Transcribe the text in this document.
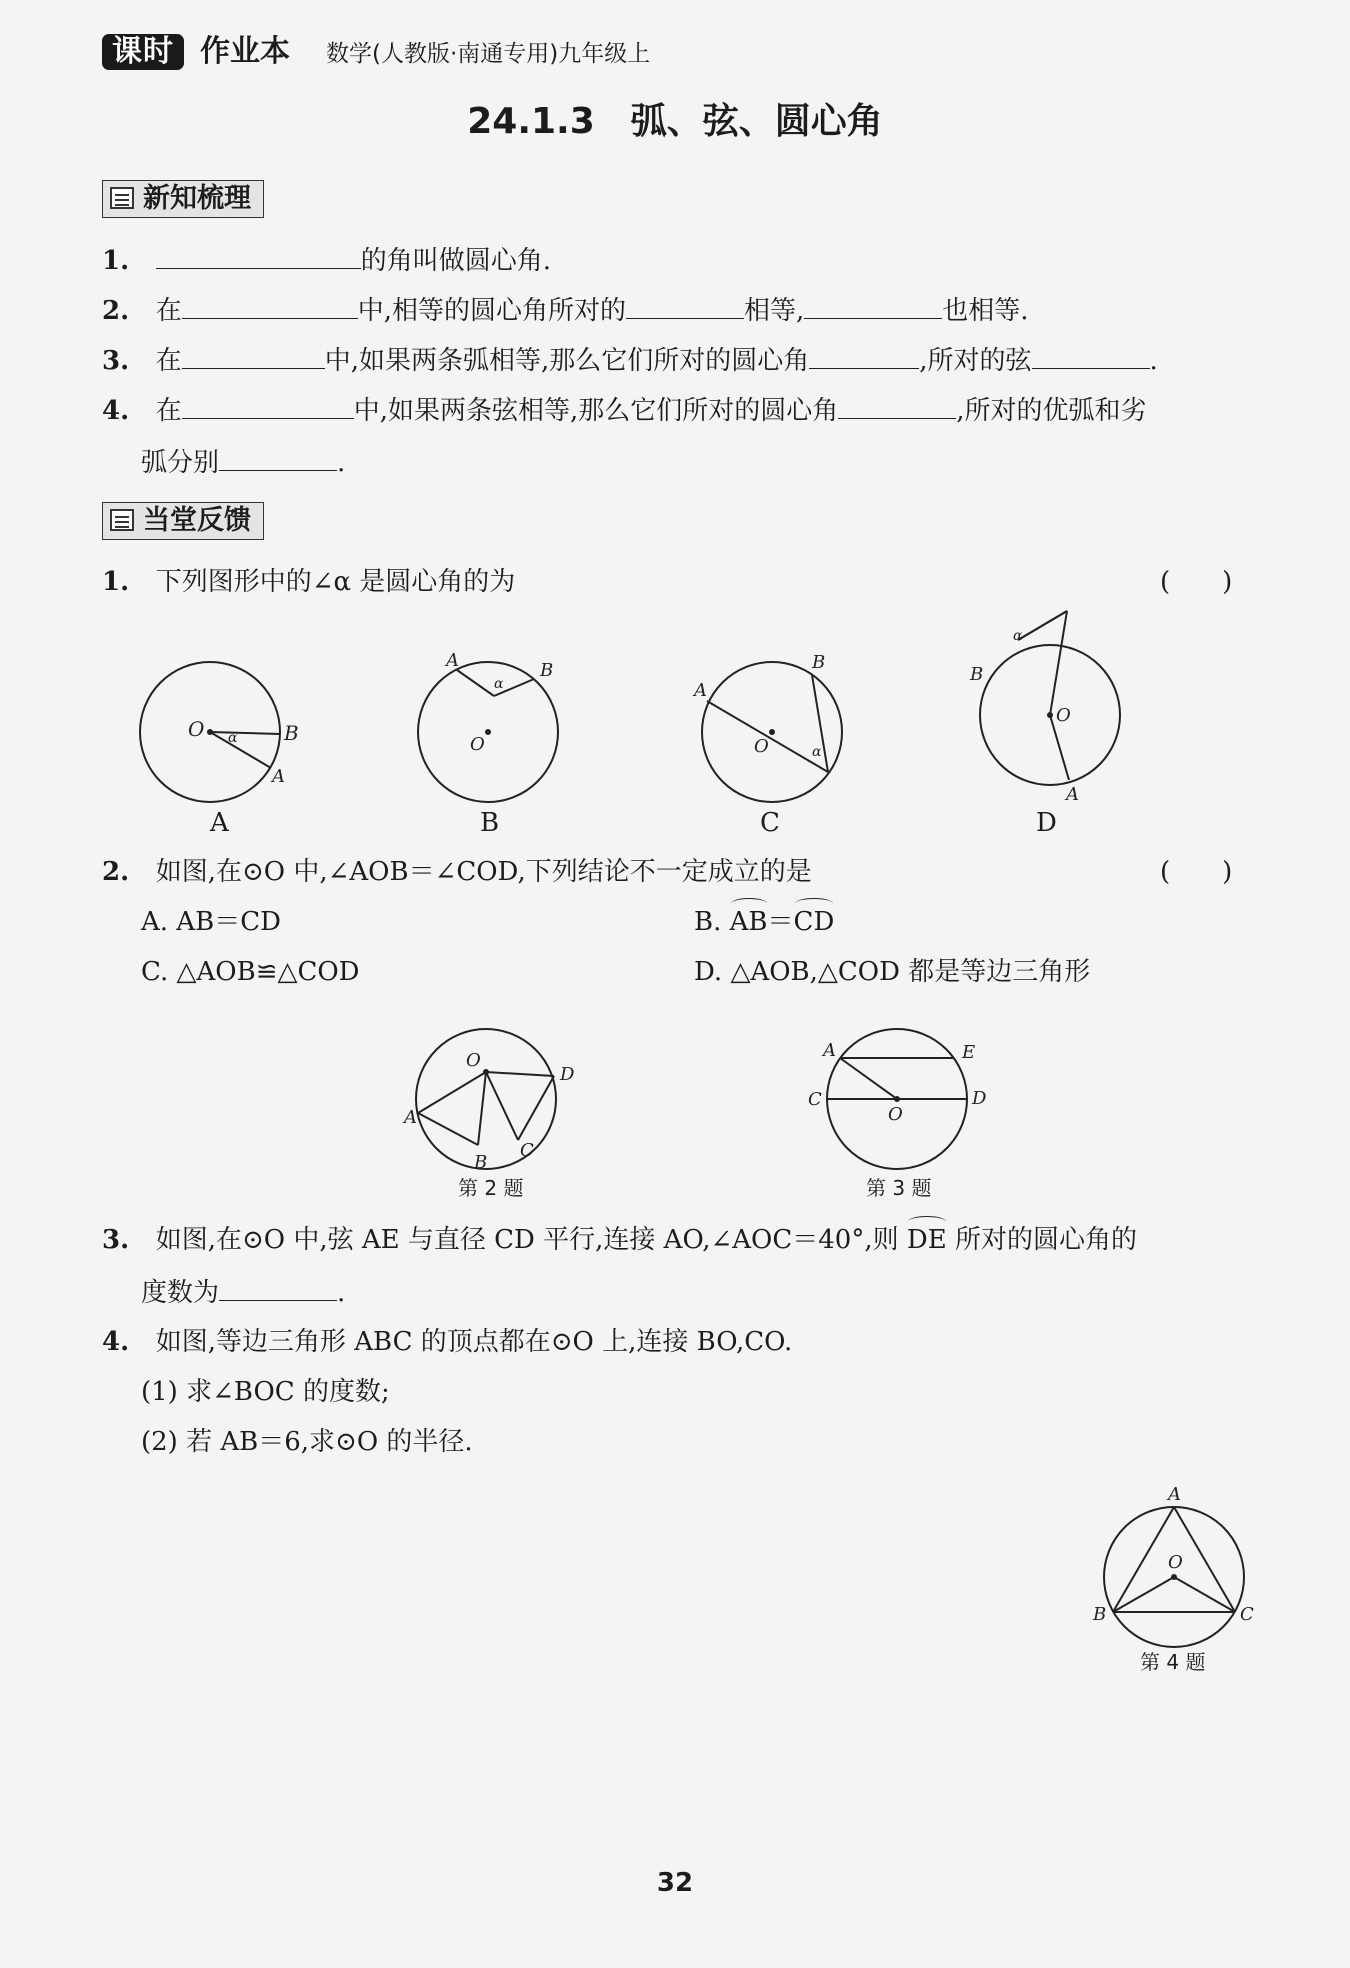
课时 作业本 数学(人教版·南通专用)九年级上
24.1.3　弧、弦、圆心角
新知梳理
1.	的角叫做圆心角.
2. 在	中,相等的圆心角所对的	相等,	也相等.
3. 在	中,如果两条弧相等,那么它们所对的圆心角	,所对的弦	.
4. 在	中,如果两条弦相等,那么它们所对的圆心角	,所对的优弧和劣
弧分别	.
当堂反馈
1. 下列图形中的∠α 是圆心角的为	(　　)
O	B
A
α
A	B
O
α	A
B
O	α
B
O
A
α
A	B	C	D
2. 如图,在⊙O 中,∠AOB＝∠COD,下列结论不一定成立的是	(　　)
A. AB＝CD	B. AB＝CD
C. △AOB≌△COD	D. △AOB,△COD 都是等边三角形
O
D
A
B
C
A	E
C
O
D
第 2 题	第 3 题
3. 如图,在⊙O 中,弦 AE 与直径 CD 平行,连接 AO,∠AOC＝40°,则 DE 所对的圆心角的
度数为	.
4. 如图,等边三角形 ABC 的顶点都在⊙O 上,连接 BO,CO.
(1) 求∠BOC 的度数;
(2) 若 AB＝6,求⊙O 的半径.
A
O
B	C
第 4 题
32
